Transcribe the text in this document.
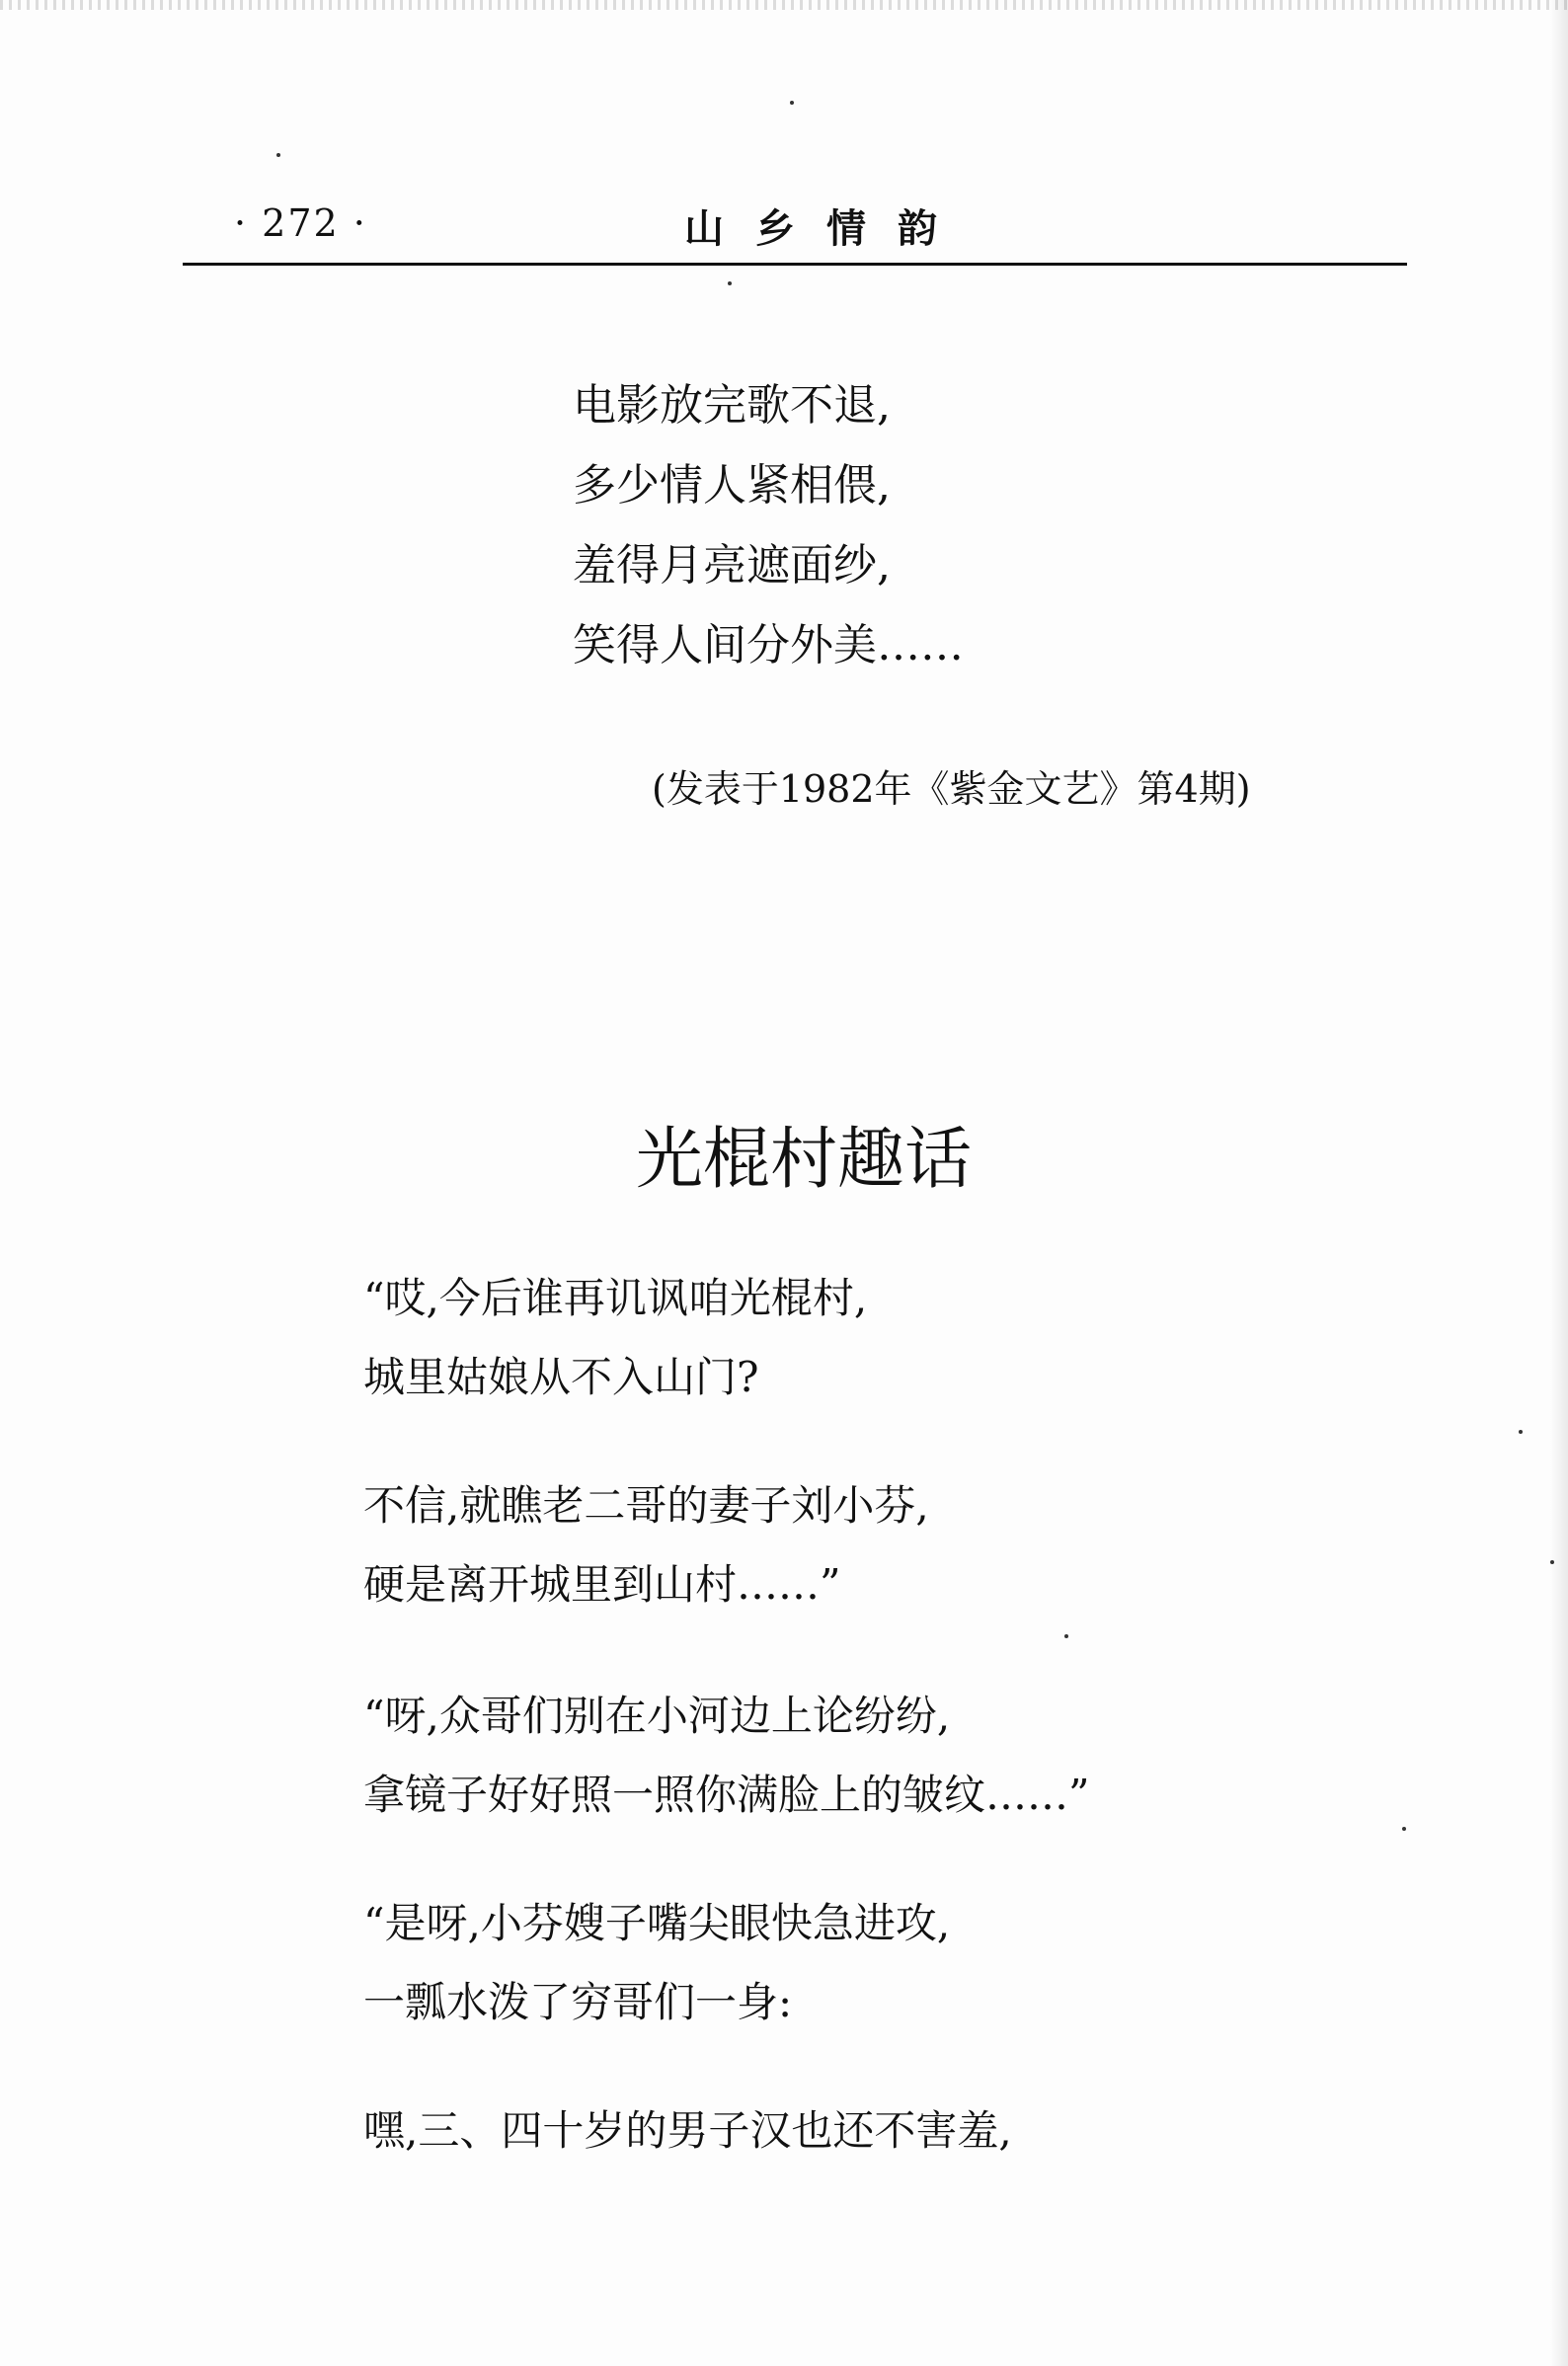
· 272 ·	山乡情韵
电影放完歌不退,
多少情人紧相偎,
羞得月亮遮面纱,
笑得人间分外美……
(发表于1982年《紫金文艺》第4期)
光棍村趣话
“哎,今后谁再讥讽咱光棍村,
城里姑娘从不入山门?
不信,就瞧老二哥的妻子刘小芬,
硬是离开城里到山村……”
“呀,众哥们别在小河边上论纷纷,
拿镜子好好照一照你满脸上的皱纹……”
“是呀,小芬嫂子嘴尖眼快急进攻,
一瓢水泼了穷哥们一身:
嘿,三、四十岁的男子汉也还不害羞,
